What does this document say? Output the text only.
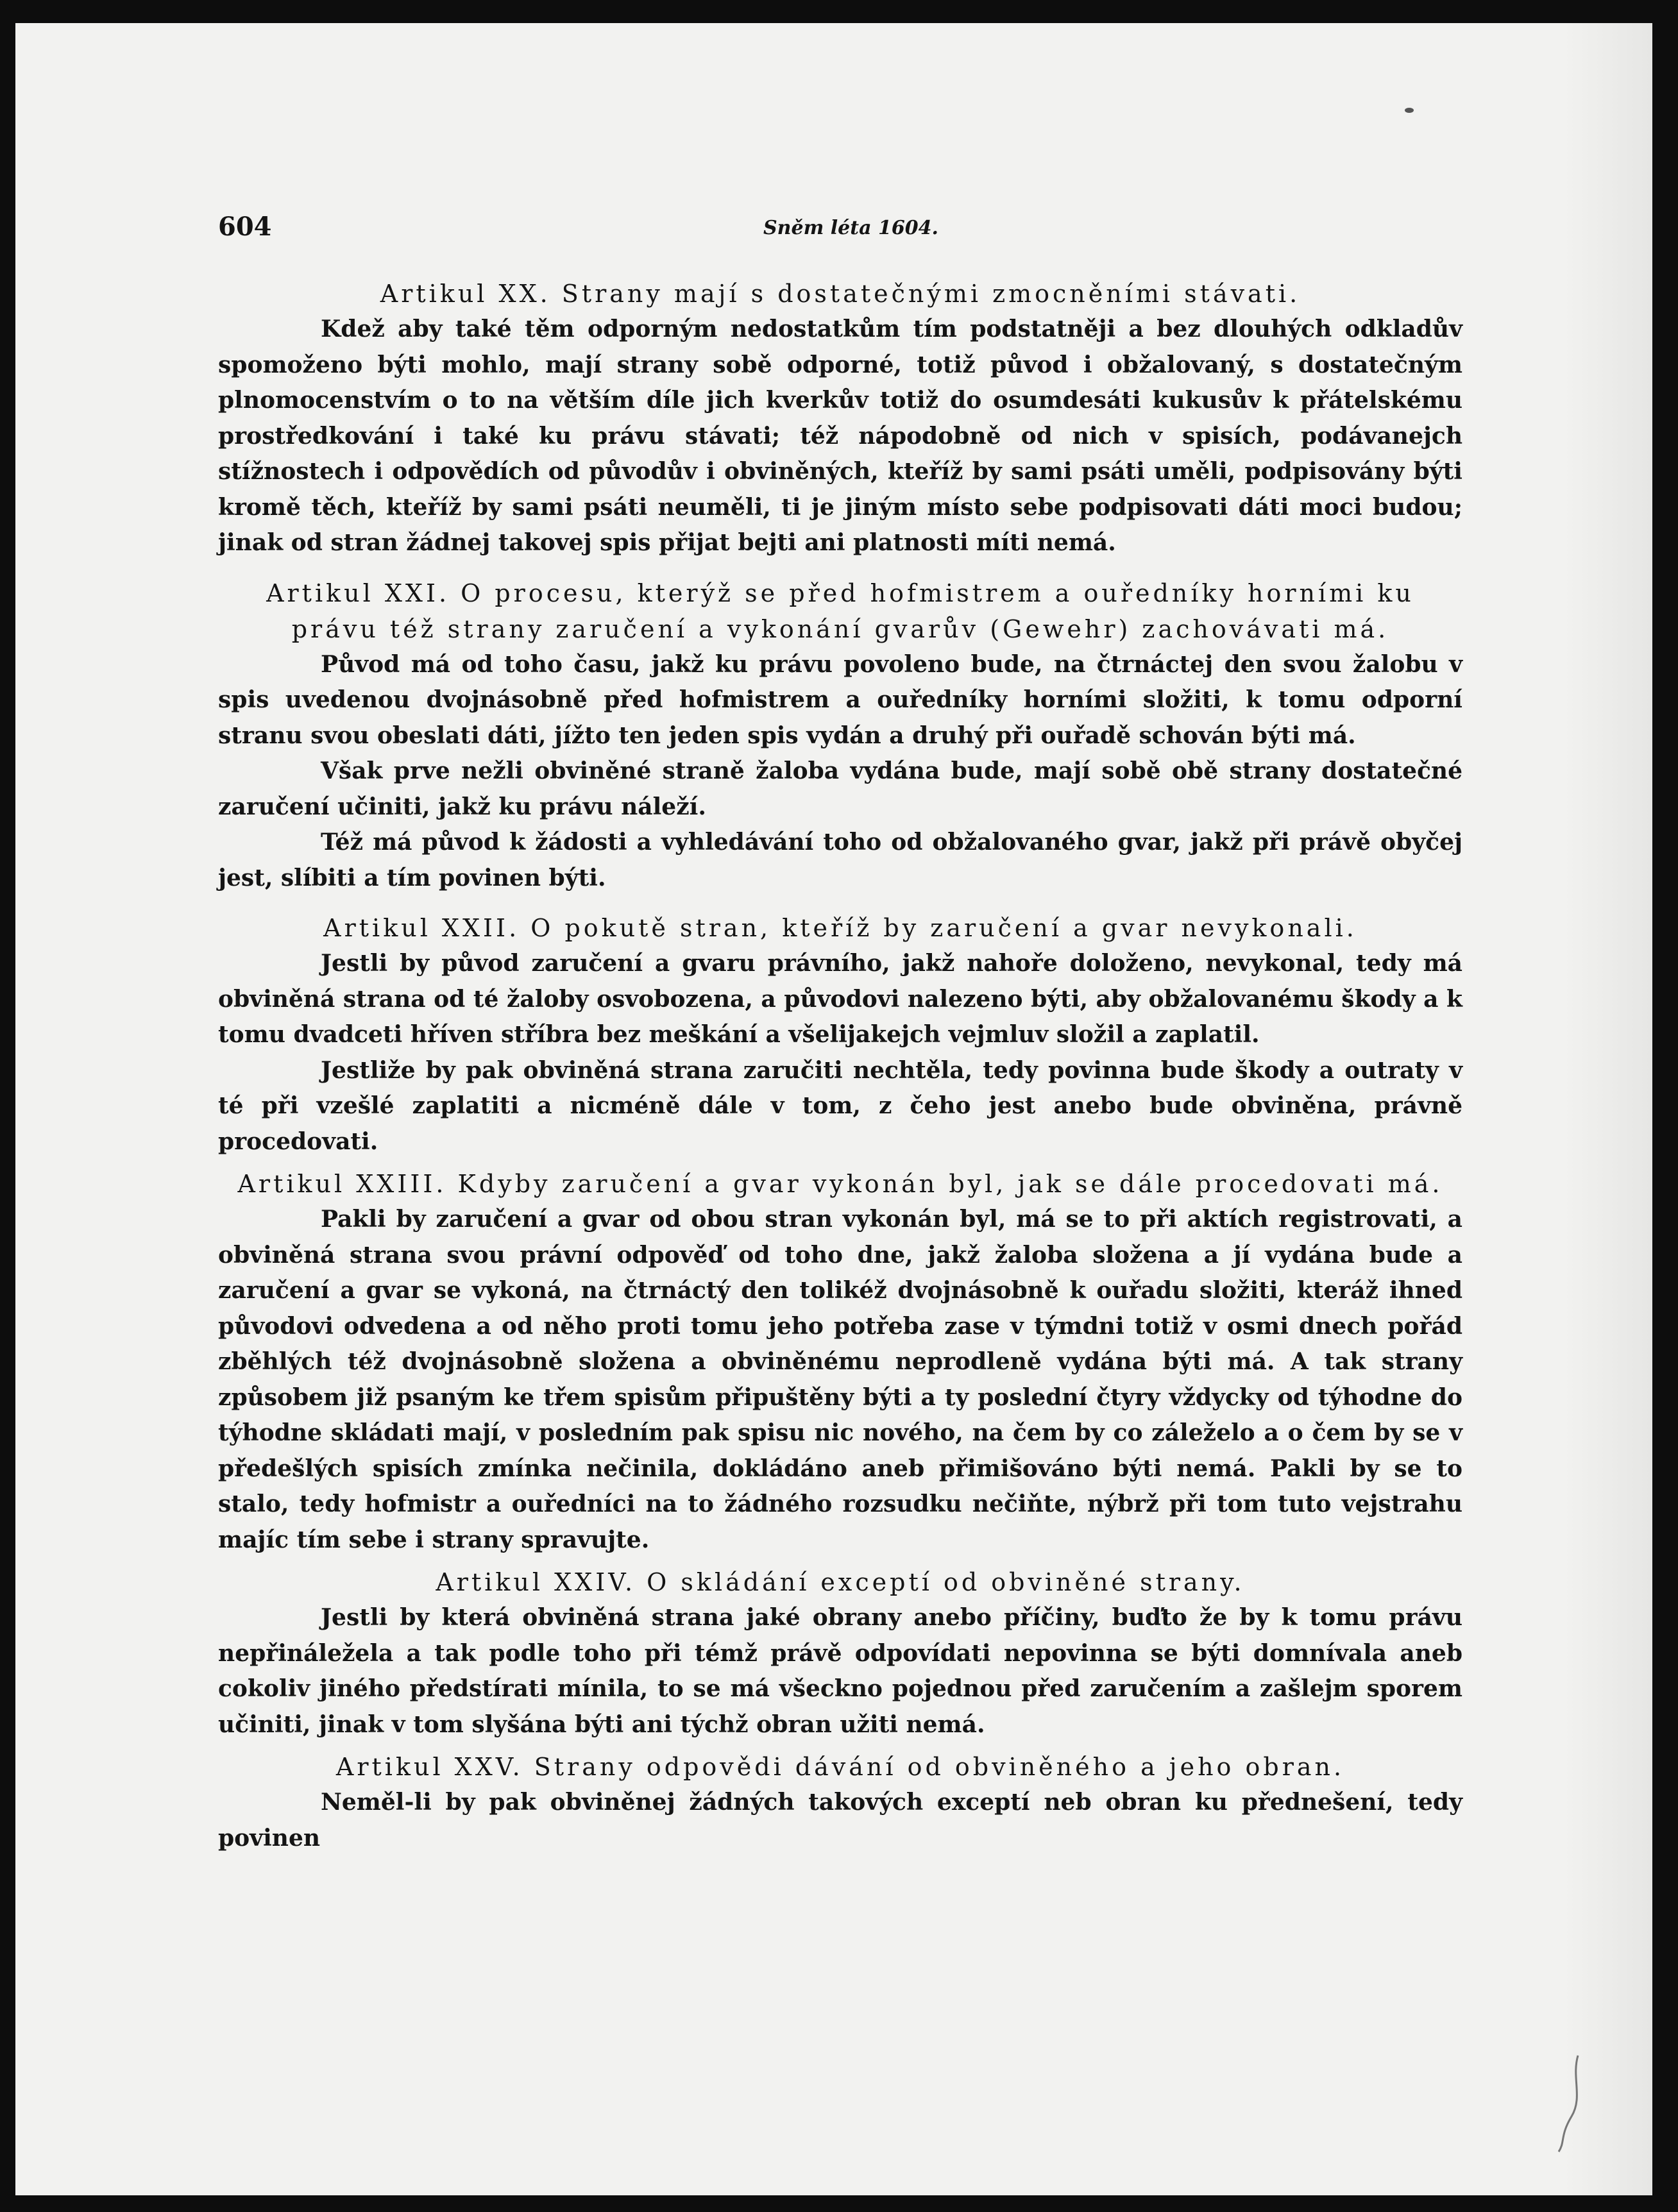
604	Sněm léta 1604.
Artikul XX. Strany mají s dostatečnými zmocněními stávati.

Kdež aby také těm odporným nedostatkům tím podstatněji a bez dlouhých odkladův spomoženo býti mohlo, mají strany sobě odporné, totiž původ i obžalovaný, s dostatečným plnomocenstvím o to na větším díle jich kverkův totiž do osumdesáti kukusův k přátelskému prostředkování i také ku právu stávati; též nápodobně od nich v spisích, podávanejch stížnostech i odpovědích od původův i obviněných, kteříž by sami psáti uměli, podpisovány býti kromě těch, kteříž by sami psáti neuměli, ti je jiným místo sebe podpisovati dáti moci budou; jinak od stran žádnej takovej spis přijat bejti ani platnosti míti nemá.

Artikul XXI. O procesu, kterýž se před hofmistrem a ouředníky horními ku právu též strany zaručení a vykonání gvarův (Gewehr) zachovávati má.

Původ má od toho času, jakž ku právu povoleno bude, na čtrnáctej den svou žalobu v spis uvedenou dvojnásobně před hofmistrem a ouředníky horními složiti, k tomu odporní stranu svou obeslati dáti, jížto ten jeden spis vydán a druhý při ouřadě schován býti má.

Však prve nežli obviněné straně žaloba vydána bude, mají sobě obě strany dostatečné zaručení učiniti, jakž ku právu náleží.

Též má původ k žádosti a vyhledávání toho od obžalovaného gvar, jakž při právě obyčej jest, slíbiti a tím povinen býti.

Artikul XXII. O pokutě stran, kteříž by zaručení a gvar nevykonali.

Jestli by původ zaručení a gvaru právního, jakž nahoře doloženo, nevykonal, tedy má obviněná strana od té žaloby osvobozena, a původovi nalezeno býti, aby obžalovanému škody a k tomu dvadceti hříven stříbra bez meškání a všelijakejch vejmluv složil a zaplatil.

Jestliže by pak obviněná strana zaručiti nechtěla, tedy povinna bude škody a outraty v té při vzešlé zaplatiti a nicméně dále v tom, z čeho jest anebo bude obviněna, právně procedovati.

Artikul XXIII. Kdyby zaručení a gvar vykonán byl, jak se dále procedovati má.

Pakli by zaručení a gvar od obou stran vykonán byl, má se to při aktích registrovati, a obviněná strana svou právní odpověď od toho dne, jakž žaloba složena a jí vydána bude a zaručení a gvar se vykoná, na čtrnáctý den tolikéž dvojnásobně k ouřadu složiti, kteráž ihned původovi odvedena a od něho proti tomu jeho potřeba zase v týmdni totiž v osmi dnech pořád zběhlých též dvojnásobně složena a obviněnému neprodleně vydána býti má. A tak strany způsobem již psaným ke třem spisům připuštěny býti a ty poslední čtyry vždycky od týhodne do týhodne skládati mají, v posledním pak spisu nic nového, na čem by co záleželo a o čem by se v předešlých spisích zmínka nečinila, dokládáno aneb přimišováno býti nemá. Pakli by se to stalo, tedy hofmistr a ouředníci na to žádného rozsudku nečiňte, nýbrž při tom tuto vejstrahu majíc tím sebe i strany spravujte.

Artikul XXIV. O skládání exceptí od obviněné strany.

Jestli by která obviněná strana jaké obrany anebo příčiny, buďto že by k tomu právu nepřináležela a tak podle toho při témž právě odpovídati nepovinna se býti domnívala aneb cokoliv jiného předstírati mínila, to se má všeckno pojednou před zaručením a zašlejm sporem učiniti, jinak v tom slyšána býti ani týchž obran užiti nemá.

Artikul XXV. Strany odpovědi dávání od obviněného a jeho obran.

Neměl-li by pak obviněnej žádných takových exceptí neb obran ku přednešení, tedy povinen
